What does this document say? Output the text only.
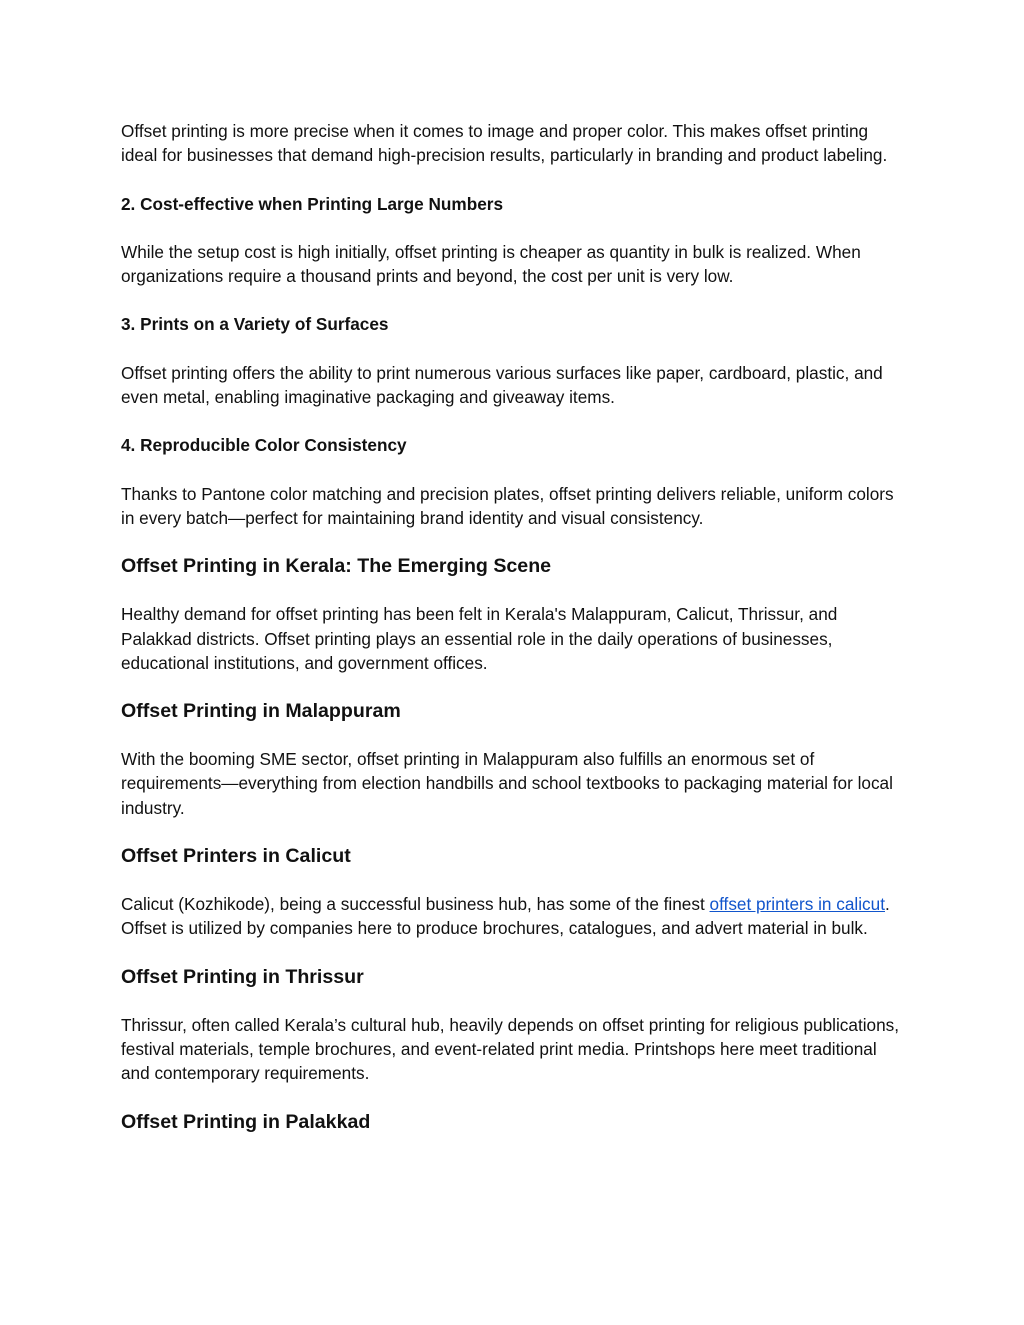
Offset printing is more precise when it comes to image and proper color. This makes offset printing ideal for businesses that demand high-precision results, particularly in branding and product labeling.

2. Cost-effective when Printing Large Numbers

While the setup cost is high initially, offset printing is cheaper as quantity in bulk is realized. When organizations require a thousand prints and beyond, the cost per unit is very low.

3. Prints on a Variety of Surfaces

Offset printing offers the ability to print numerous various surfaces like paper, cardboard, plastic, and even metal, enabling imaginative packaging and giveaway items.

4. Reproducible Color Consistency

Thanks to Pantone color matching and precision plates, offset printing delivers reliable, uniform colors in every batch—perfect for maintaining brand identity and visual consistency.

Offset Printing in Kerala: The Emerging Scene

Healthy demand for offset printing has been felt in Kerala's Malappuram, Calicut, Thrissur, and Palakkad districts. Offset printing plays an essential role in the daily operations of businesses, educational institutions, and government offices.

Offset Printing in Malappuram

With the booming SME sector, offset printing in Malappuram also fulfills an enormous set of requirements—everything from election handbills and school textbooks to packaging material for local industry.

Offset Printers in Calicut

Calicut (Kozhikode), being a successful business hub, has some of the finest offset printers in calicut. Offset is utilized by companies here to produce brochures, catalogues, and advert material in bulk.

Offset Printing in Thrissur

Thrissur, often called Kerala’s cultural hub, heavily depends on offset printing for religious publications, festival materials, temple brochures, and event-related print media. Printshops here meet traditional and contemporary requirements.

Offset Printing in Palakkad
